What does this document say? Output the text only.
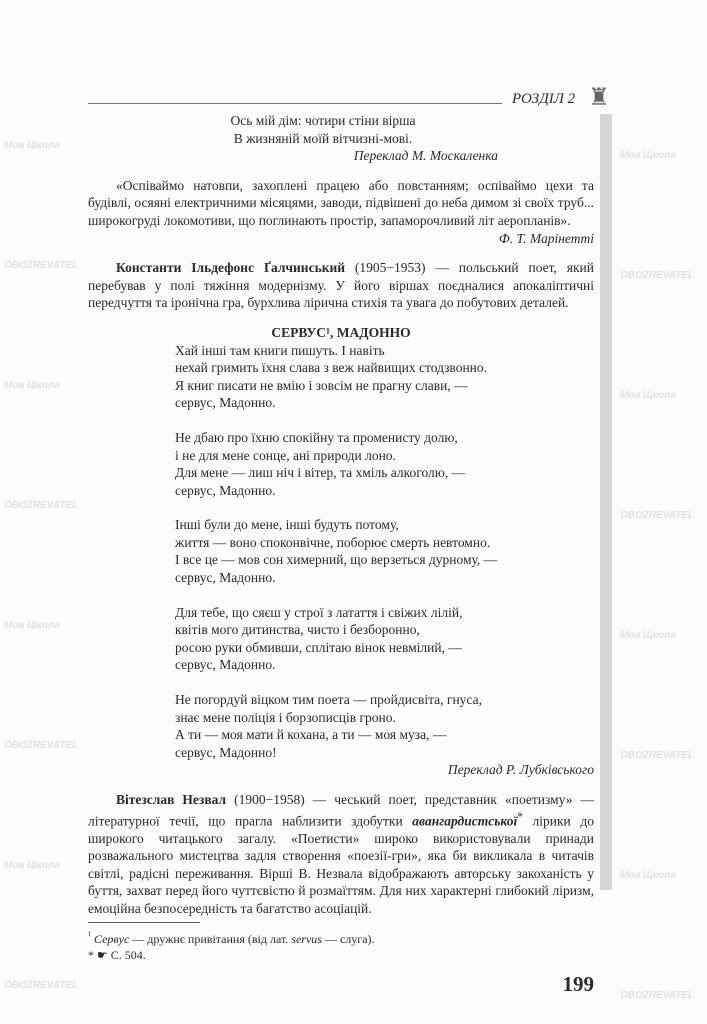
РОЗДІЛ 2 ♜
Ось мій дім: чотири стіни вірша
В жизняній моїй вітчизні-мові.
Переклад М. Москаленка
«Оспіваймо натовпи, захоплені працею або повстанням; оспіваймо цехи та будівлі, осяяні електричними місяцями, заводи, підвішені до неба димом зі своїх труб... широкогруді локомотиви, що поглинають простір, запаморочливий літ аеропланів».
Ф. Т. Марінетті
Константи Ільдефонс Ґалчинський (1905−1953) — польський поет, який перебував у полі тяжіння модернізму. У його віршах поєдналися апокаліптичні передчуття та іронічна гра, бурхлива лірична стихія та увага до побутових деталей.
СЕРВУС¹, МАДОННО
Хай інші там книги пишуть. І навіть
нехай гримить їхня слава з веж найвищих стодзвонно.
Я книг писати не вмію і зовсім не прагну слави, —
сервус, Мадонно.
Не дбаю про їхню спокійну та променисту долю,
і не для мене сонце, ані природи лоно.
Для мене — лиш ніч і вітер, та хміль алкоголю, —
сервус, Мадонно.
Інші були до мене, інші будуть потому,
життя — воно споконвічне, поборює смерть невтомно.
І все це — мов сон химерний, що верзеться дурному, —
сервус, Мадонно.
Для тебе, що сяєш у строї з латаття і свіжих лілій,
квітів мого дитинства, чисто і безборонно,
росою руки обмивши, сплітаю вінок невмілий, —
сервус, Мадонно.
Не погордуй віцком тим поета — пройдисвіта, гнуса,
знає мене поліція і борзописців гроно.
А ти — моя мати й кохана, а ти — моя муза, —
сервус, Мадонно!
Переклад Р. Лубківського
Вітезслав Незвал (1900−1958) — чеський поет, представник «поетизму» — літературної течії, що прагла наблизити здобутки авангардистської* лірики до широкого читацького загалу. «Поетисти» широко використовували принади розважального мистецтва задля створення «поезії-гри», яка би викликала в читачів світлі, радісні переживання. Вірші В. Незвала відображають авторську закоханість у буття, захват перед його чуттєвістю й розмаїттям. Для них характерні глибокий ліризм, емоційна безпосередність та багатство асоціацій.
$^{^1}$ Сервус — дружнє привітання (від лат. servus — слуга).
* ☛ С. 504.
199
Моя Школа
OBOZREVATEL
Моя Школа
OBOZREVATEL
Моя Школа
OBOZREVATEL
Моя Школа
OBOZREVATEL
Моя Школа
OBOZREVATEL
Моя Школа
OBOZREVATEL
Моя Школа
OBOZREVATEL
Моя Школа
OBOZREVATEL
